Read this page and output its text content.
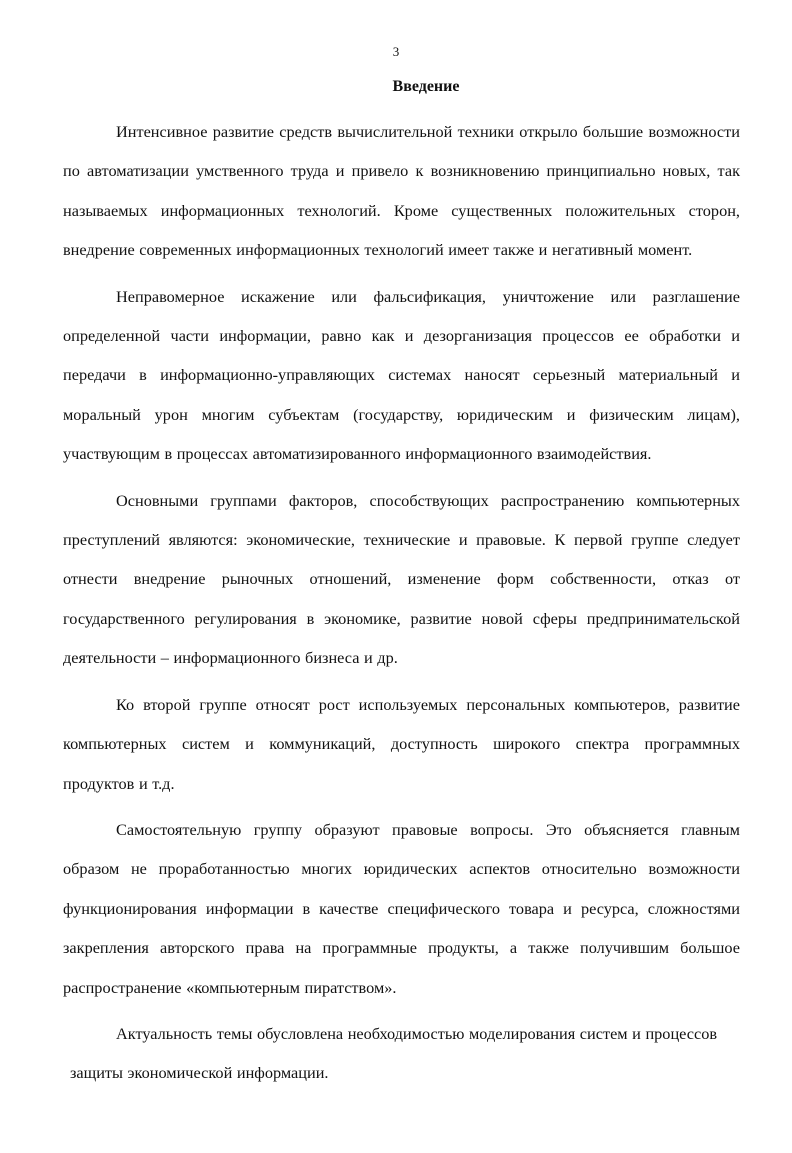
3
Введение

Интенсивное развитие средств вычислительной техники открыло большие возможности по автоматизации умственного труда и привело к возникновению принципиально новых, так называемых информационных технологий. Кроме существенных положительных сторон, внедрение современных информационных технологий имеет также и негативный момент.

Неправомерное искажение или фальсификация, уничтожение или разглашение определенной части информации, равно как и дезорганизация процессов ее обработки и передачи в информационно-управляющих системах наносят серьезный материальный и моральный урон многим субъектам (государству, юридическим и физическим лицам), участвующим в процессах автоматизированного информационного взаимодействия.

Основными группами факторов, способствующих распространению компьютерных преступлений являются: экономические, технические и правовые. К первой группе следует отнести внедрение рыночных отношений, изменение форм собственности, отказ от государственного регулирования в экономике, развитие новой сферы предпринимательской деятельности – информационного бизнеса и др.

Ко второй группе относят рост используемых персональных компьютеров, развитие компьютерных систем и коммуникаций, доступность широкого спектра программных продуктов и т.д.

Самостоятельную группу образуют правовые вопросы. Это объясняется главным образом не проработанностью многих юридических аспектов относительно возможности функционирования информации в качестве специфического товара и ресурса, сложностями закрепления авторского права на программные продукты, а также получившим большое распространение «компьютерным пиратством».

Актуальность темы обусловлена необходимостью моделирования систем и процессов защиты экономической информации.
